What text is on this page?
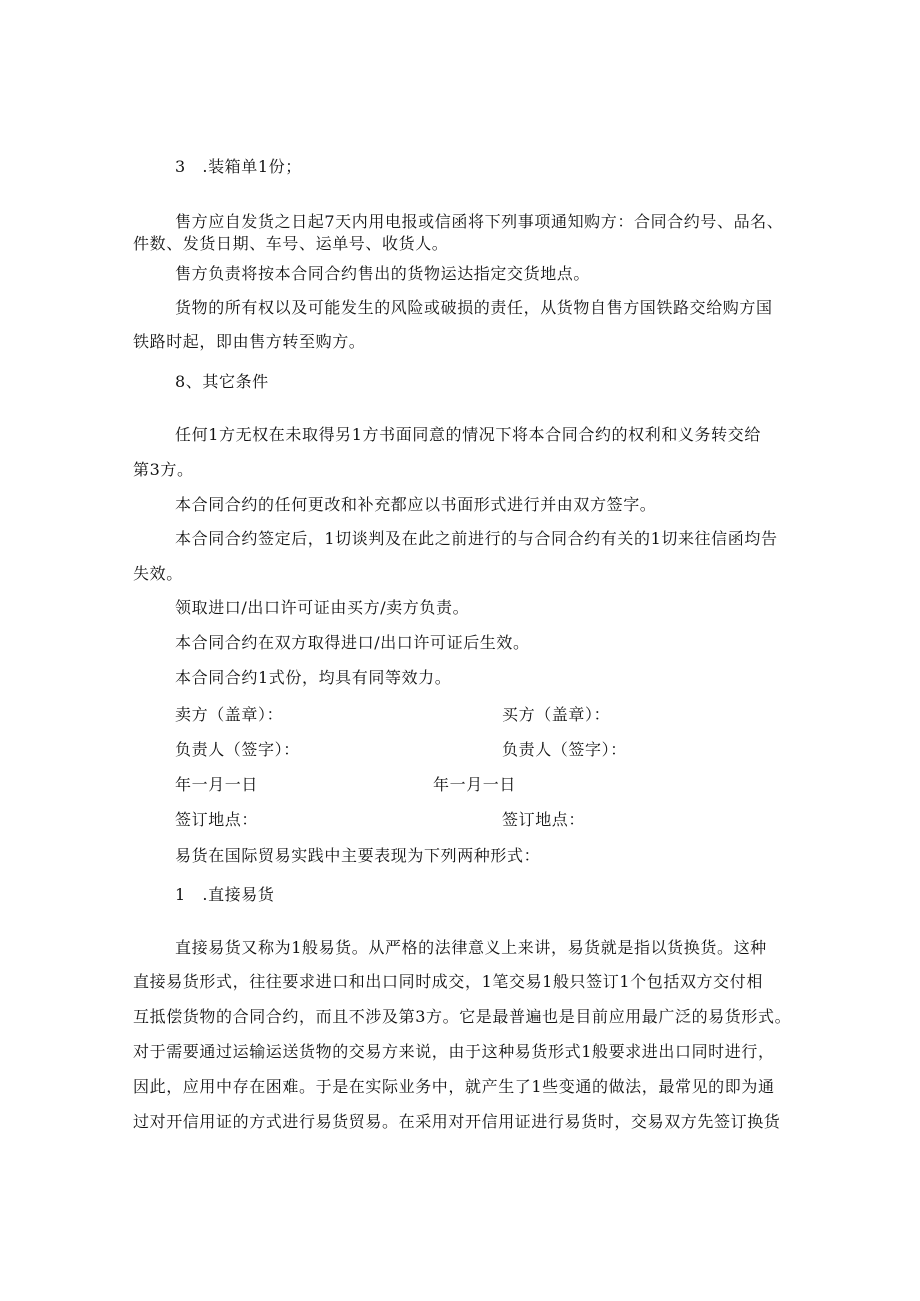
3　.装箱单1份；
售方应自发货之日起7天内用电报或信函将下列事项通知购方：合同合约号、品名、
件数、发货日期、车号、运单号、收货人。
售方负责将按本合同合约售出的货物运达指定交货地点。
货物的所有权以及可能发生的风险或破损的责任，从货物自售方国铁路交给购方国
铁路时起，即由售方转至购方。
8、其它条件
任何1方无权在未取得另1方书面同意的情况下将本合同合约的权利和义务转交给
第3方。
本合同合约的任何更改和补充都应以书面形式进行并由双方签字。
本合同合约签定后，1切谈判及在此之前进行的与合同合约有关的1切来往信函均告
失效。
领取进口/出口许可证由买方/卖方负责。
本合同合约在双方取得进口/出口许可证后生效。
本合同合约1式份，均具有同等效力。
卖方（盖章）：	买方（盖章）：
负责人（签字）：	负责人（签字）：
年一月一日	年一月一日
签订地点：	签订地点：
易货在国际贸易实践中主要表现为下列两种形式：
1　.直接易货
直接易货又称为1般易货。从严格的法律意义上来讲，易货就是指以货换货。这种
直接易货形式，往往要求进口和出口同时成交，1笔交易1般只签订1个包括双方交付相
互抵偿货物的合同合约，而且不涉及第3方。它是最普遍也是目前应用最广泛的易货形式。
对于需要通过运输运送货物的交易方来说，由于这种易货形式1般要求进出口同时进行，
因此，应用中存在困难。于是在实际业务中，就产生了1些变通的做法，最常见的即为通
过对开信用证的方式进行易货贸易。在采用对开信用证进行易货时，交易双方先签订换货
